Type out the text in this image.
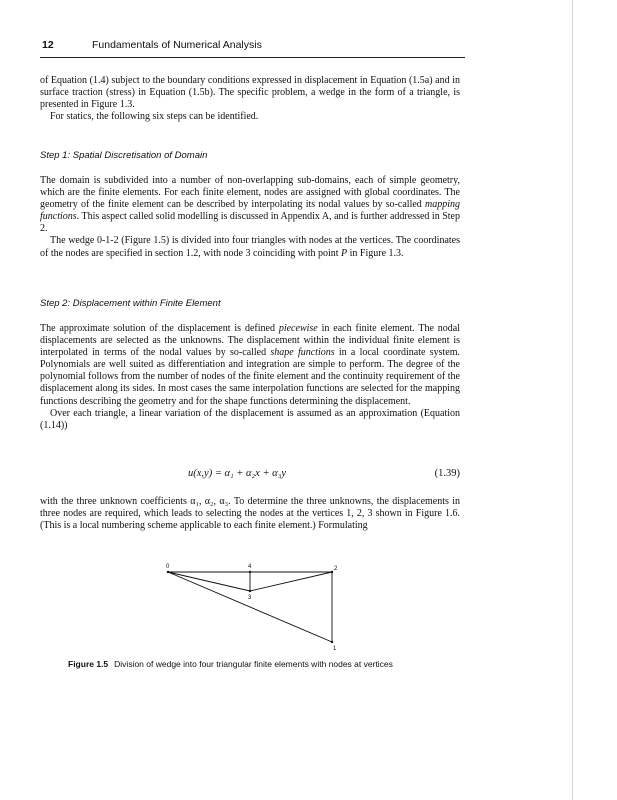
12	Fundamentals of Numerical Analysis

of Equation (1.4) subject to the boundary conditions expressed in displacement in Equation (1.5a) and in surface traction (stress) in Equation (1.5b). The specific problem, a wedge in the form of a triangle, is presented in Figure 1.3.

For statics, the following six steps can be identified.

Step 1: Spatial Discretisation of Domain

The domain is subdivided into a number of non-overlapping sub-domains, each of simple geometry, which are the finite elements. For each finite element, nodes are assigned with global coordinates. The geometry of the finite element can be described by interpolating its nodal values by so-called mapping functions. This aspect called solid modelling is discussed in Appendix A, and is further addressed in Step 2.

The wedge 0-1-2 (Figure 1.5) is divided into four triangles with nodes at the vertices. The coordinates of the nodes are specified in section 1.2, with node 3 coinciding with point P in Figure 1.3.

Step 2: Displacement within Finite Element

The approximate solution of the displacement is defined piecewise in each finite element. The nodal displacements are selected as the unknowns. The displacement within the individual finite element is interpolated in terms of the nodal values by so-called shape functions in a local coordinate system. Polynomials are well suited as differentiation and integration are simple to perform. The degree of the polynomial follows from the number of nodes of the finite element and the continuity requirement of the displacement along its sides. In most cases the same interpolation functions are selected for the mapping functions describing the geometry and for the shape functions determining the displacement.

Over each triangle, a linear variation of the displacement is assumed as an approximation (Equation (1.14))

u(x,y) = α₁ + α₂x + α₃y	(1.39)

with the three unknown coefficients α₁, α₂, α₃. To determine the three unknowns, the displacements in three nodes are required, which leads to selecting the nodes at the vertices 1, 2, 3 shown in Figure 1.6. (This is a local numbering scheme applicable to each finite element.) Formulating

0	4	2
3
1
Figure 1.5 Division of wedge into four triangular finite elements with nodes at vertices
